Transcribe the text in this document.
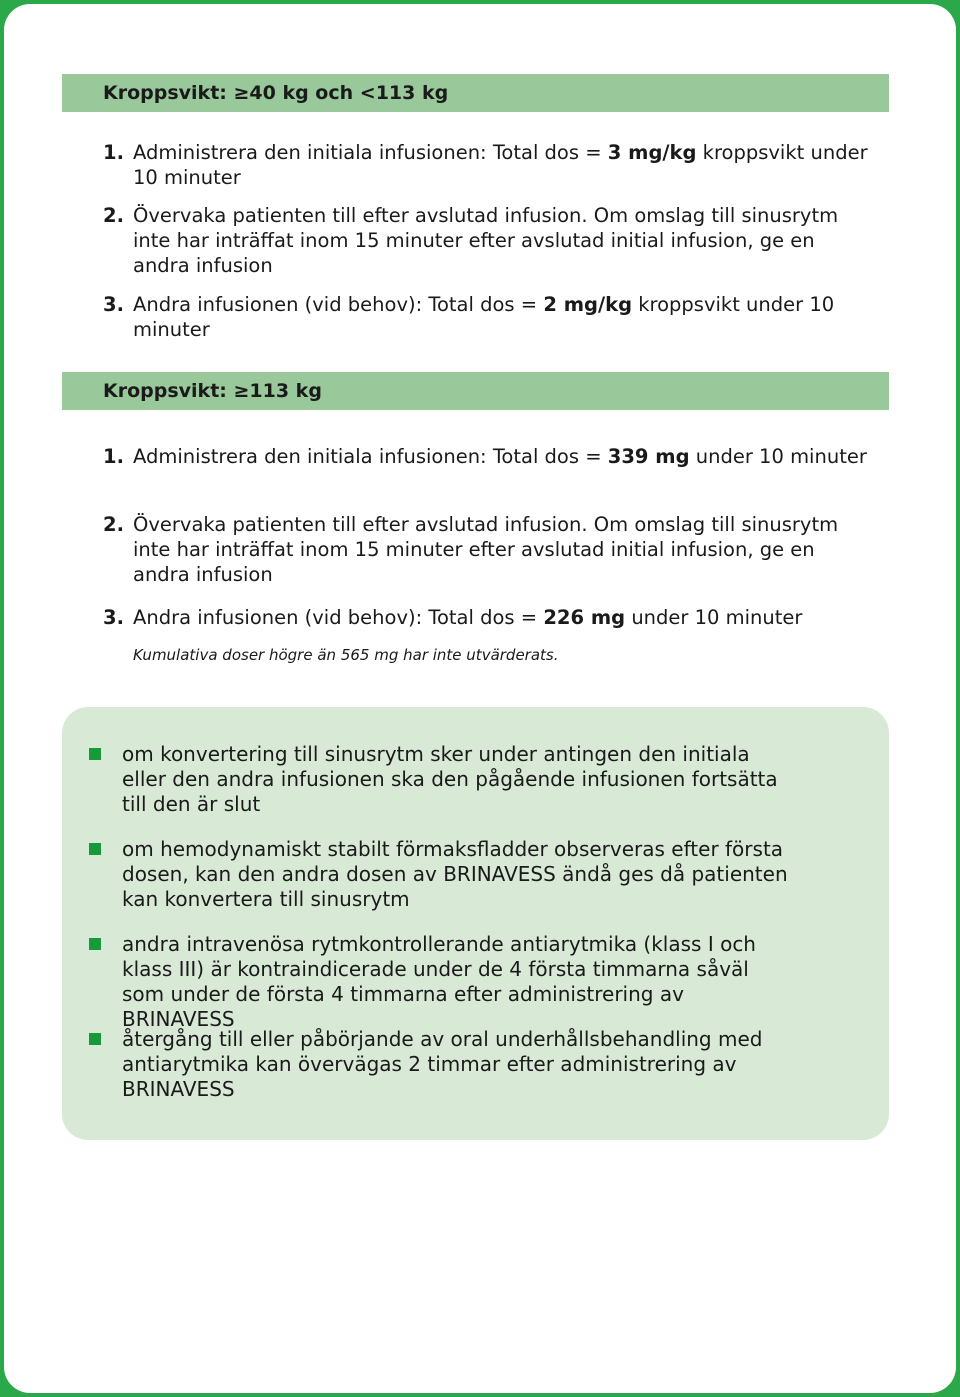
Kroppsvikt: ≥40 kg och <113 kg
1. Administrera den initiala infusionen: Total dos = 3 mg/kg kroppsvikt under 10 minuter
2. Övervaka patienten till efter avslutad infusion. Om omslag till sinusrytm inte har inträffat inom 15 minuter efter avslutad initial infusion, ge en andra infusion
3. Andra infusionen (vid behov): Total dos = 2 mg/kg kroppsvikt under 10 minuter
Kroppsvikt: ≥113 kg
1. Administrera den initiala infusionen: Total dos = 339 mg under 10 minuter
2. Övervaka patienten till efter avslutad infusion. Om omslag till sinusrytm inte har inträffat inom 15 minuter efter avslutad initial infusion, ge en andra infusion
3. Andra infusionen (vid behov): Total dos = 226 mg under 10 minuter
Kumulativa doser högre än 565 mg har inte utvärderats.
om konvertering till sinusrytm sker under antingen den initiala eller den andra infusionen ska den pågående infusionen fortsätta till den är slut
om hemodynamiskt stabilt förmaksfladder observeras efter första dosen, kan den andra dosen av BRINAVESS ändå ges då patienten kan konvertera till sinusrytm
andra intravenösa rytmkontrollerande antiarytmika (klass I och klass III) är kontraindicerade under de 4 första timmarna såväl som under de första 4 timmarna efter administrering av BRINAVESS
återgång till eller påbörjande av oral underhållsbehandling med antiarytmika kan övervägas 2 timmar efter administrering av BRINAVESS
